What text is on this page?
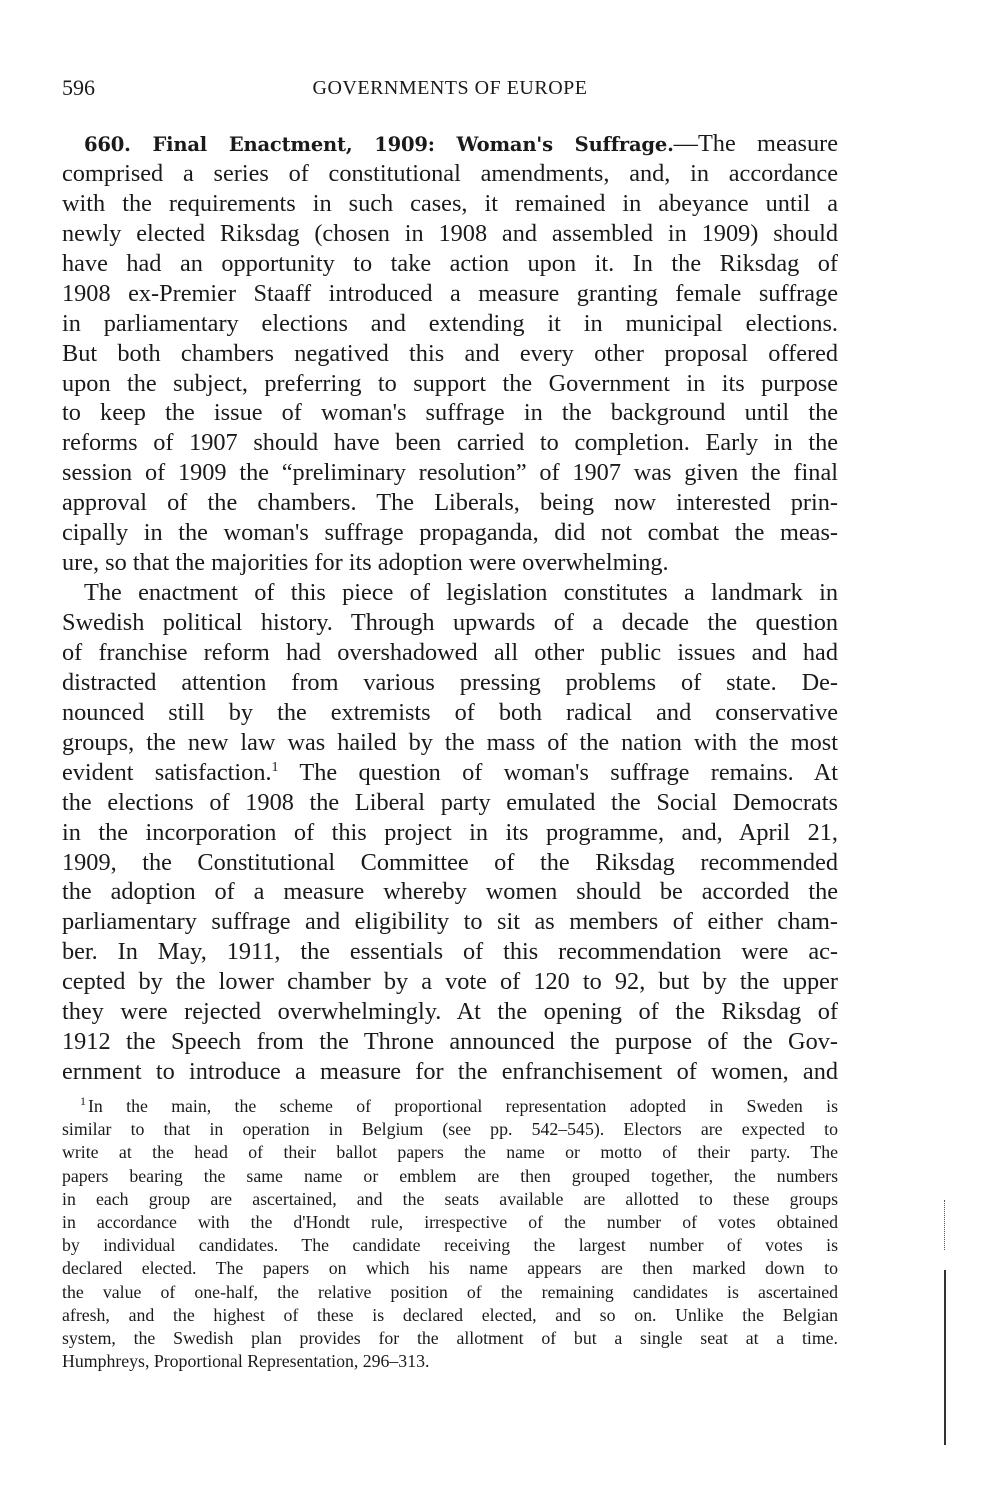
596	GOVERNMENTS OF EUROPE
660. Final Enactment, 1909: Woman's Suffrage.—The measure
comprised a series of constitutional amendments, and, in accordance
with the requirements in such cases, it remained in abeyance until a
newly elected Riksdag (chosen in 1908 and assembled in 1909) should
have had an opportunity to take action upon it. In the Riksdag of
1908 ex-Premier Staaff introduced a measure granting female suffrage
in parliamentary elections and extending it in municipal elections.
But both chambers negatived this and every other proposal offered
upon the subject, preferring to support the Government in its purpose
to keep the issue of woman's suffrage in the background until the
reforms of 1907 should have been carried to completion. Early in the
session of 1909 the “preliminary resolution” of 1907 was given the final
approval of the chambers. The Liberals, being now interested prin-
cipally in the woman's suffrage propaganda, did not combat the meas-
ure, so that the majorities for its adoption were overwhelming.
The enactment of this piece of legislation constitutes a landmark in
Swedish political history. Through upwards of a decade the question
of franchise reform had overshadowed all other public issues and had
distracted attention from various pressing problems of state. De-
nounced still by the extremists of both radical and conservative
groups, the new law was hailed by the mass of the nation with the most
evident satisfaction.$^1$ The question of woman's suffrage remains. At
the elections of 1908 the Liberal party emulated the Social Democrats
in the incorporation of this project in its programme, and, April 21,
1909, the Constitutional Committee of the Riksdag recommended
the adoption of a measure whereby women should be accorded the
parliamentary suffrage and eligibility to sit as members of either cham-
ber. In May, 1911, the essentials of this recommendation were ac-
cepted by the lower chamber by a vote of 120 to 92, but by the upper
they were rejected overwhelmingly. At the opening of the Riksdag of
1912 the Speech from the Throne announced the purpose of the Gov-
ernment to introduce a measure for the enfranchisement of women, and
$^1$ In the main, the scheme of proportional representation adopted in Sweden is
similar to that in operation in Belgium (see pp. 542–545). Electors are expected to
write at the head of their ballot papers the name or motto of their party. The
papers bearing the same name or emblem are then grouped together, the numbers
in each group are ascertained, and the seats available are allotted to these groups
in accordance with the d'Hondt rule, irrespective of the number of votes obtained
by individual candidates. The candidate receiving the largest number of votes is
declared elected. The papers on which his name appears are then marked down to
the value of one-half, the relative position of the remaining candidates is ascertained
afresh, and the highest of these is declared elected, and so on. Unlike the Belgian
system, the Swedish plan provides for the allotment of but a single seat at a time.
Humphreys, Proportional Representation, 296–313.
